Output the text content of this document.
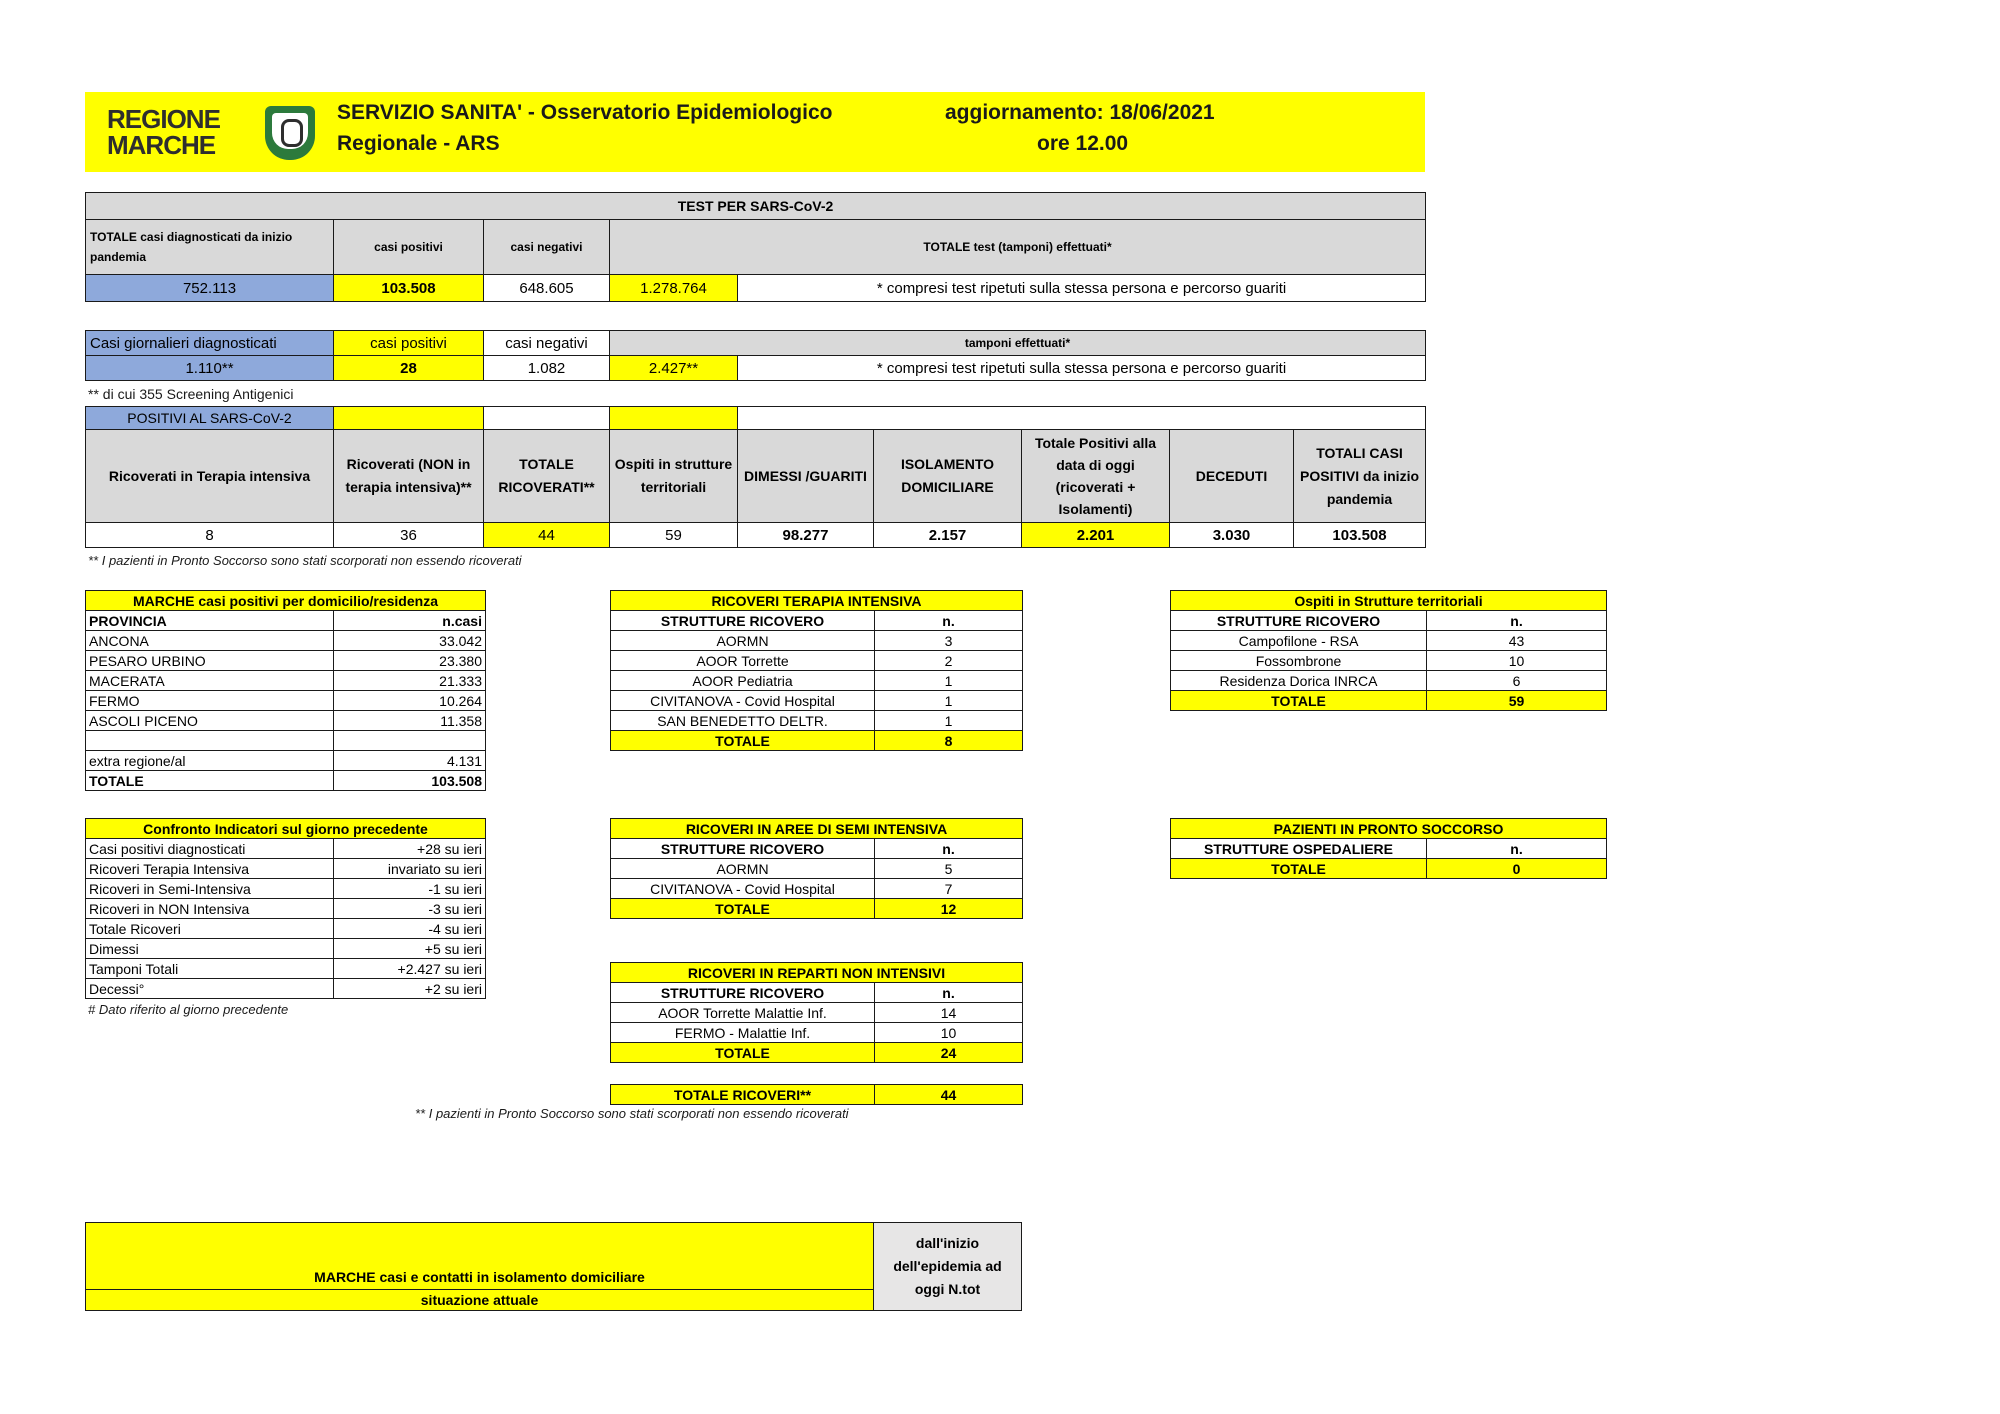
REGIONE
MARCHE
SERVIZIO SANITA' - Osservatorio Epidemiologico
Regionale - ARS
aggiornamento: 18/06/2021
ore 12.00
TEST PER SARS-CoV-2				
TOTALE casi diagnosticati da inizio pandemia	casi positivi	casi negativi	TOTALE test (tamponi) effettuati*	
752.113	103.508	648.605	1.278.764	* compresi test ripetuti sulla stessa persona e percorso guariti
Casi giornalieri diagnosticati	casi positivi	casi negativi	tamponi effettuati*	
1.110**	28	1.082	2.427**	* compresi test ripetuti sulla stessa persona e percorso guariti
** di cui 355 Screening Antigenici
POSITIVI AL SARS-CoV-2								
Ricoverati in Terapia intensiva	Ricoverati (NON in terapia intensiva)**	TOTALE RICOVERATI**	Ospiti in strutture territoriali	DIMESSI /GUARITI	ISOLAMENTO DOMICILIARE	Totale Positivi alla data di oggi (ricoverati + Isolamenti)	DECEDUTI	TOTALI CASI POSITIVI da inizio pandemia
8	36	44	59	98.277	2.157	2.201	3.030	103.508
** I pazienti in Pronto Soccorso sono stati scorporati non essendo ricoverati
MARCHE casi positivi per domicilio/residenza	
PROVINCIA	n.casi
ANCONA	33.042
PESARO URBINO	23.380
MACERATA	21.333
FERMO	10.264
ASCOLI PICENO	11.358

extra regione/al	4.131
TOTALE	103.508
RICOVERI TERAPIA INTENSIVA	
STRUTTURE RICOVERO	n.
AORMN	3
AOOR Torrette	2
AOOR Pediatria	1
CIVITANOVA - Covid Hospital	1
SAN BENEDETTO DELTR.	1
TOTALE	8
Ospiti in Strutture territoriali	
STRUTTURE RICOVERO	n.
Campofilone - RSA	43
Fossombrone	10
Residenza Dorica INRCA	6
TOTALE	59
Confronto Indicatori sul giorno precedente	
Casi positivi diagnosticati	+28 su ieri
Ricoveri Terapia Intensiva	invariato su ieri
Ricoveri in Semi-Intensiva	-1 su ieri
Ricoveri in NON Intensiva	-3 su ieri
Totale Ricoveri	-4 su ieri
Dimessi	+5 su ieri
Tamponi Totali	+2.427 su ieri
Decessi°	+2 su ieri
# Dato riferito al giorno precedente
RICOVERI IN AREE DI SEMI INTENSIVA	
STRUTTURE RICOVERO	n.
AORMN	5
CIVITANOVA - Covid Hospital	7
TOTALE	12
PAZIENTI IN PRONTO SOCCORSO	
STRUTTURE OSPEDALIERE	n.
TOTALE	0
RICOVERI IN REPARTI NON INTENSIVI	
STRUTTURE RICOVERO	n.
AOOR Torrette Malattie Inf.	14
FERMO - Malattie Inf.	10
TOTALE	24
TOTALE RICOVERI**	44
** I pazienti in Pronto Soccorso sono stati scorporati non essendo ricoverati
MARCHE casi e contatti in isolamento domiciliare	dall'inizio dell'epidemia ad oggi N.tot
situazione attuale
